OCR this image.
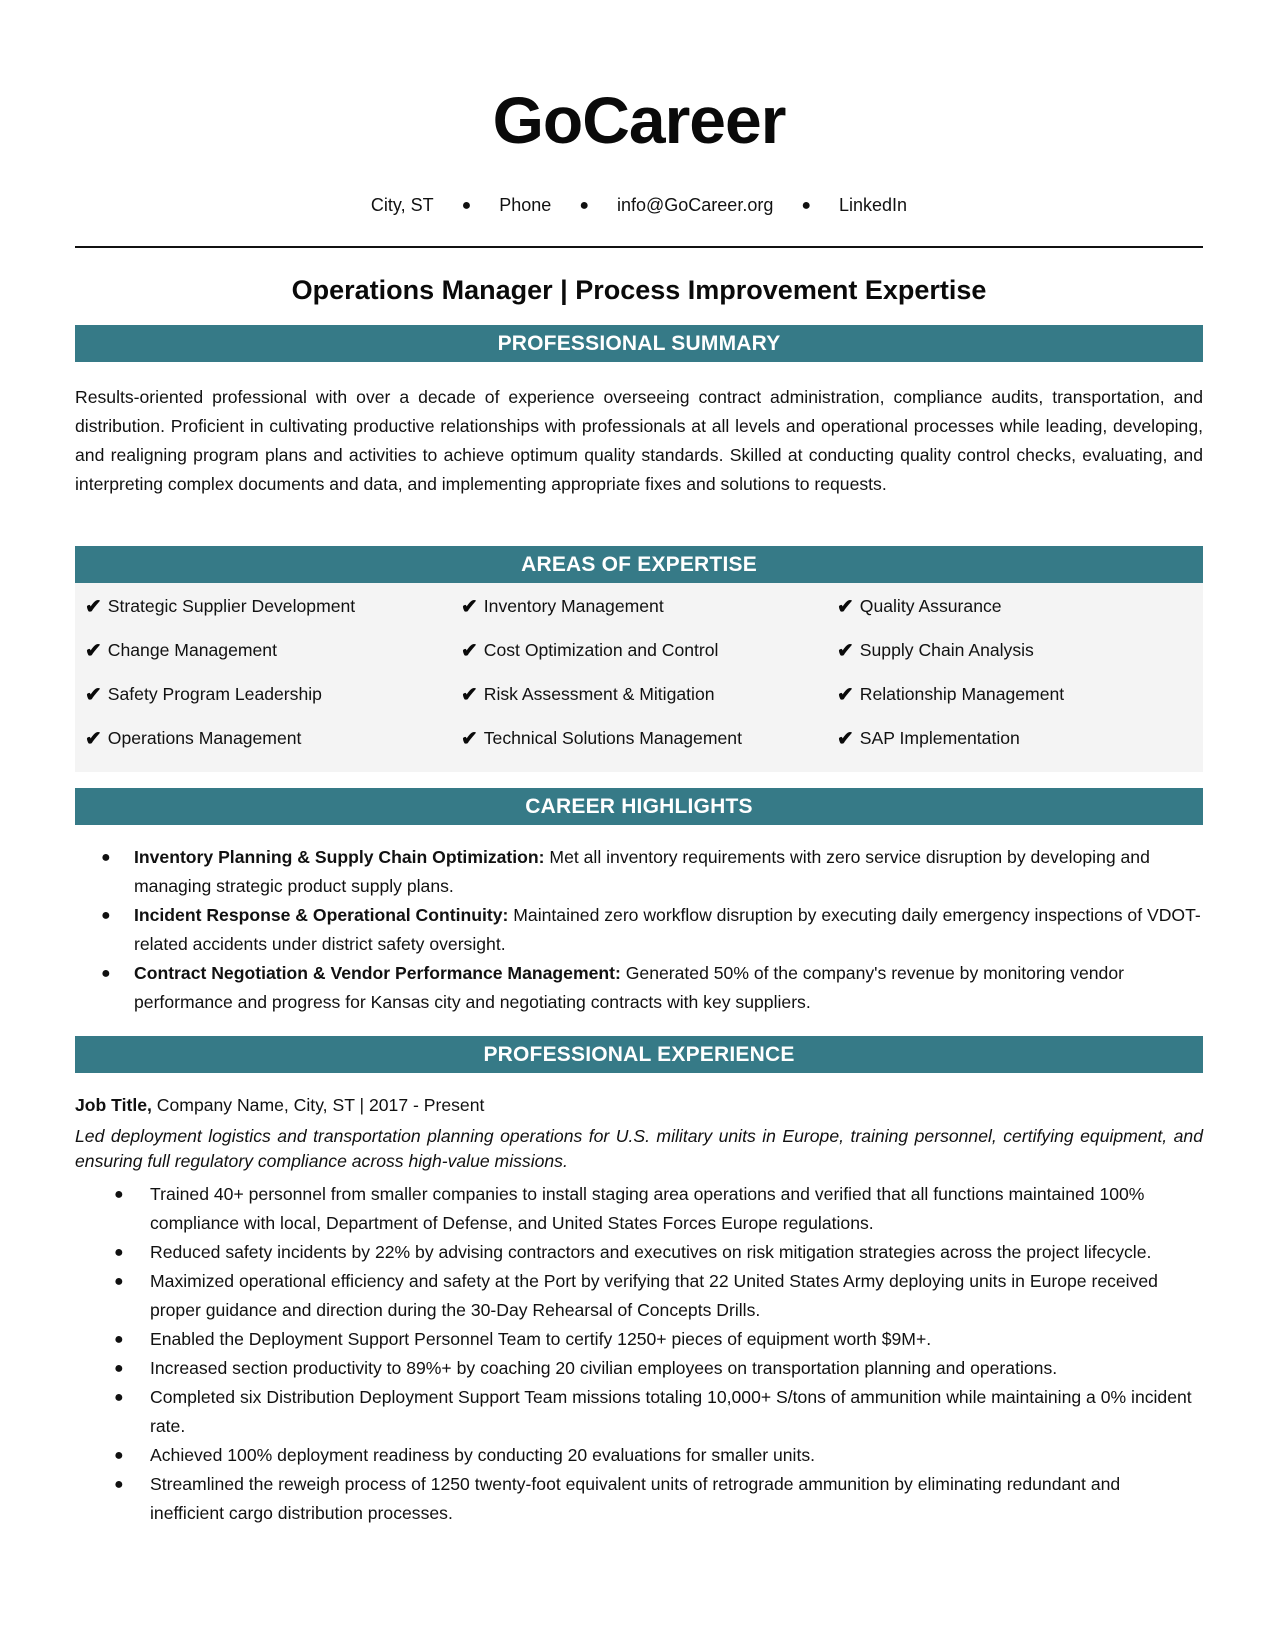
GoCareer
City, ST ● Phone ● info@GoCareer.org ● LinkedIn
Operations Manager | Process Improvement Expertise
PROFESSIONAL SUMMARY

Results-oriented professional with over a decade of experience overseeing contract administration, compliance audits, transportation, and distribution. Proficient in cultivating productive relationships with professionals at all levels and operational processes while leading, developing, and realigning program plans and activities to achieve optimum quality standards. Skilled at conducting quality control checks, evaluating, and interpreting complex documents and data, and implementing appropriate fixes and solutions to requests.

AREAS OF EXPERTISE
✔ Strategic Supplier Development	✔ Inventory Management	✔ Quality Assurance
✔ Change Management	✔ Cost Optimization and Control	✔ Supply Chain Analysis
✔ Safety Program Leadership	✔ Risk Assessment & Mitigation	✔ Relationship Management
✔ Operations Management	✔ Technical Solutions Management	✔ SAP Implementation
CAREER HIGHLIGHTS
● Inventory Planning & Supply Chain Optimization: Met all inventory requirements with zero service disruption by developing and managing strategic product supply plans.
● Incident Response & Operational Continuity: Maintained zero workflow disruption by executing daily emergency inspections of VDOT-related accidents under district safety oversight.
● Contract Negotiation & Vendor Performance Management: Generated 50% of the company's revenue by monitoring vendor performance and progress for Kansas city and negotiating contracts with key suppliers.
PROFESSIONAL EXPERIENCE
Job Title, Company Name, City, ST | 2017 - Present

Led deployment logistics and transportation planning operations for U.S. military units in Europe, training personnel, certifying equipment, and ensuring full regulatory compliance across high-value missions.

● Trained 40+ personnel from smaller companies to install staging area operations and verified that all functions maintained 100% compliance with local, Department of Defense, and United States Forces Europe regulations.
● Reduced safety incidents by 22% by advising contractors and executives on risk mitigation strategies across the project lifecycle.
● Maximized operational efficiency and safety at the Port by verifying that 22 United States Army deploying units in Europe received proper guidance and direction during the 30-Day Rehearsal of Concepts Drills.
● Enabled the Deployment Support Personnel Team to certify 1250+ pieces of equipment worth $9M+.
● Increased section productivity to 89%+ by coaching 20 civilian employees on transportation planning and operations.
● Completed six Distribution Deployment Support Team missions totaling 10,000+ S/tons of ammunition while maintaining a 0% incident rate.
● Achieved 100% deployment readiness by conducting 20 evaluations for smaller units.
● Streamlined the reweigh process of 1250 twenty-foot equivalent units of retrograde ammunition by eliminating redundant and inefficient cargo distribution processes.
